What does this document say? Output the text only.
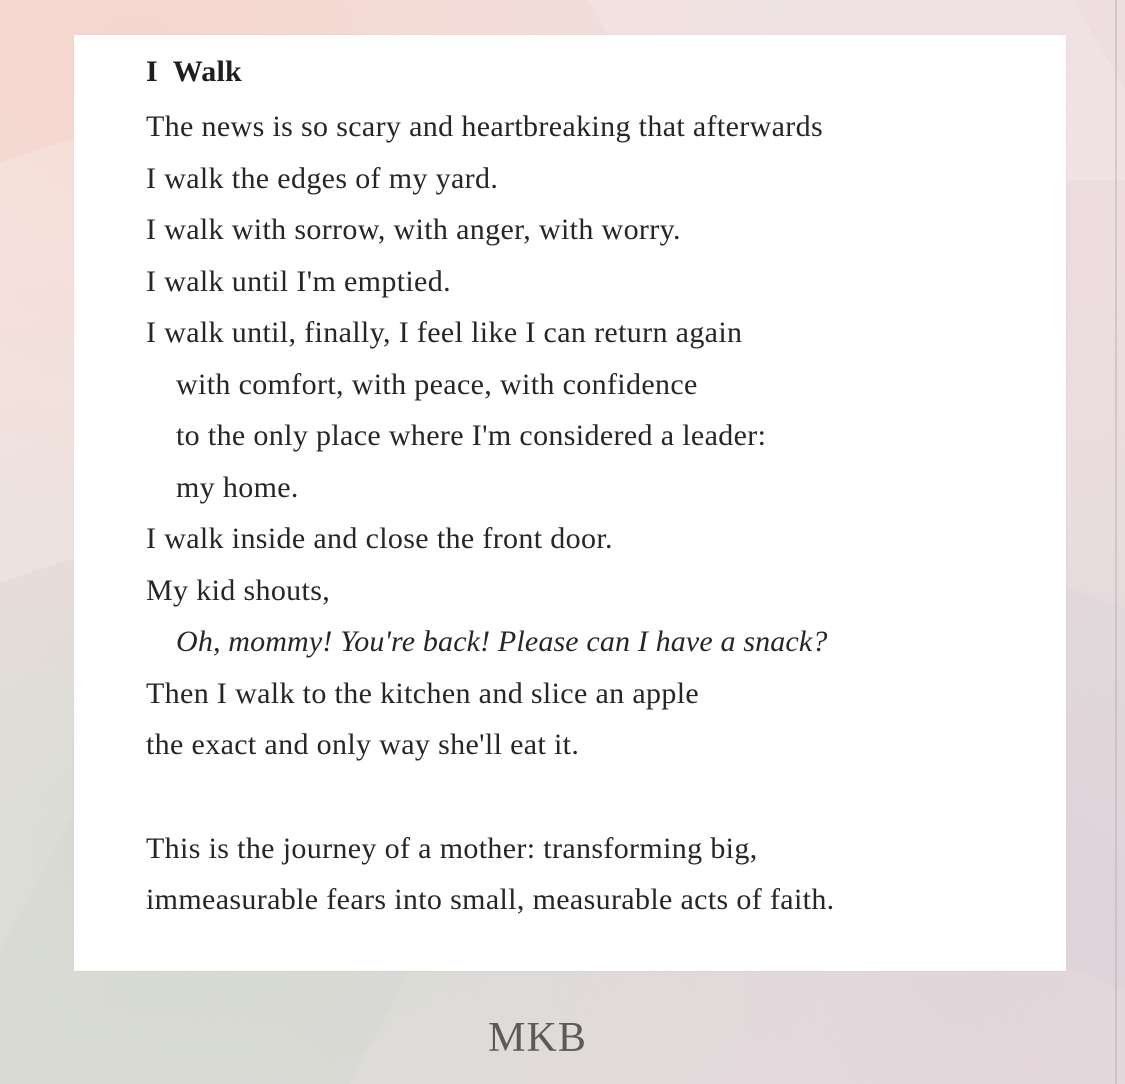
I  Walk
The news is so scary and heartbreaking that afterwards
I walk the edges of my yard.
I walk with sorrow, with anger, with worry.
I walk until I'm emptied.
I walk until, finally, I feel like I can return again
with comfort, with peace, with confidence
to the only place where I'm considered a leader:
my home.
I walk inside and close the front door.
My kid shouts,
Oh, mommy! You're back! Please can I have a snack?
Then I walk to the kitchen and slice an apple
the exact and only way she'll eat it.
This is the journey of a mother: transforming big,
immeasurable fears into small, measurable acts of faith.
MKB
